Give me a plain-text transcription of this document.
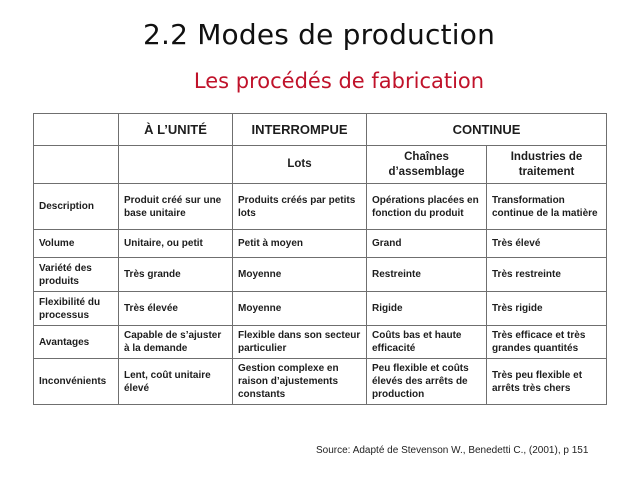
2.2 Modes de production
Les procédés de fabrication
	À L’UNITÉ	INTERROMPUE	CONTINUE	
		Lots	Chaînes d’assemblage	Industries de traitement
Description	Produit créé sur une base unitaire	Produits créés par petits lots	Opérations placées en fonction du produit	Transformation continue de la matière
Volume	Unitaire, ou petit	Petit à moyen	Grand	Très élevé
Variété des produits	Très grande	Moyenne	Restreinte	Très restreinte
Flexibilité du processus	Très élevée	Moyenne	Rigide	Très rigide
Avantages	Capable de s’ajuster à la demande	Flexible dans son secteur particulier	Coûts bas et haute efficacité	Très efficace et très grandes quantités
Inconvénients	Lent, coût unitaire élevé	Gestion complexe en raison d’ajustements constants	Peu flexible et coûts élevés des arrêts de production	Très peu flexible et arrêts très chers
Source: Adapté de Stevenson W., Benedetti C., (2001), p 151
